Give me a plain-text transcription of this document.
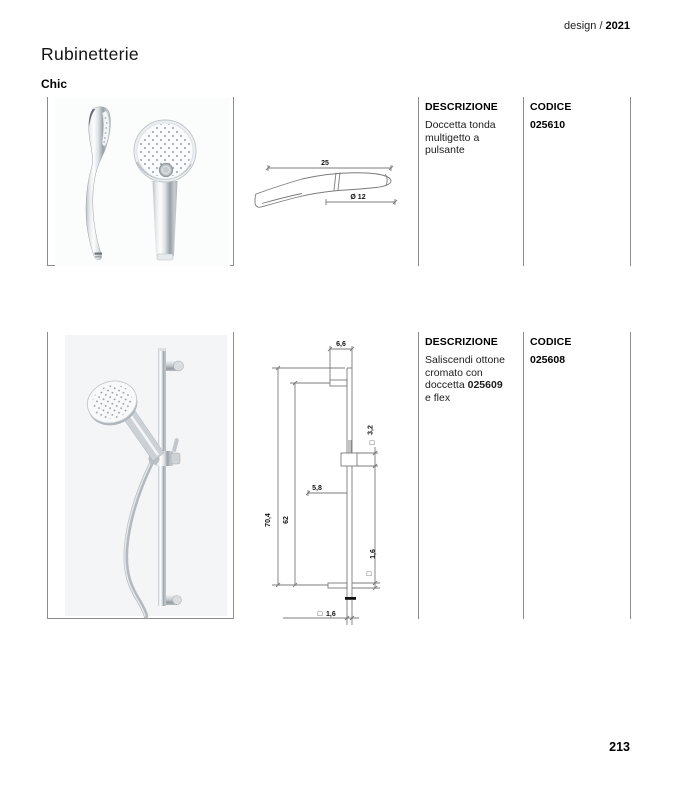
design / 2021
Rubinetterie
Chic
25
Ø 12
DESCRIZIONE	CODICE
Doccetta tonda
multigetto a pulsante
025610
6,6
70,4 62
5,8
3,2
□
1,6
□
□ 1,6
DESCRIZIONE	CODICE
Saliscendi ottone
cromato con
doccetta 025609
e flex
025608
213
